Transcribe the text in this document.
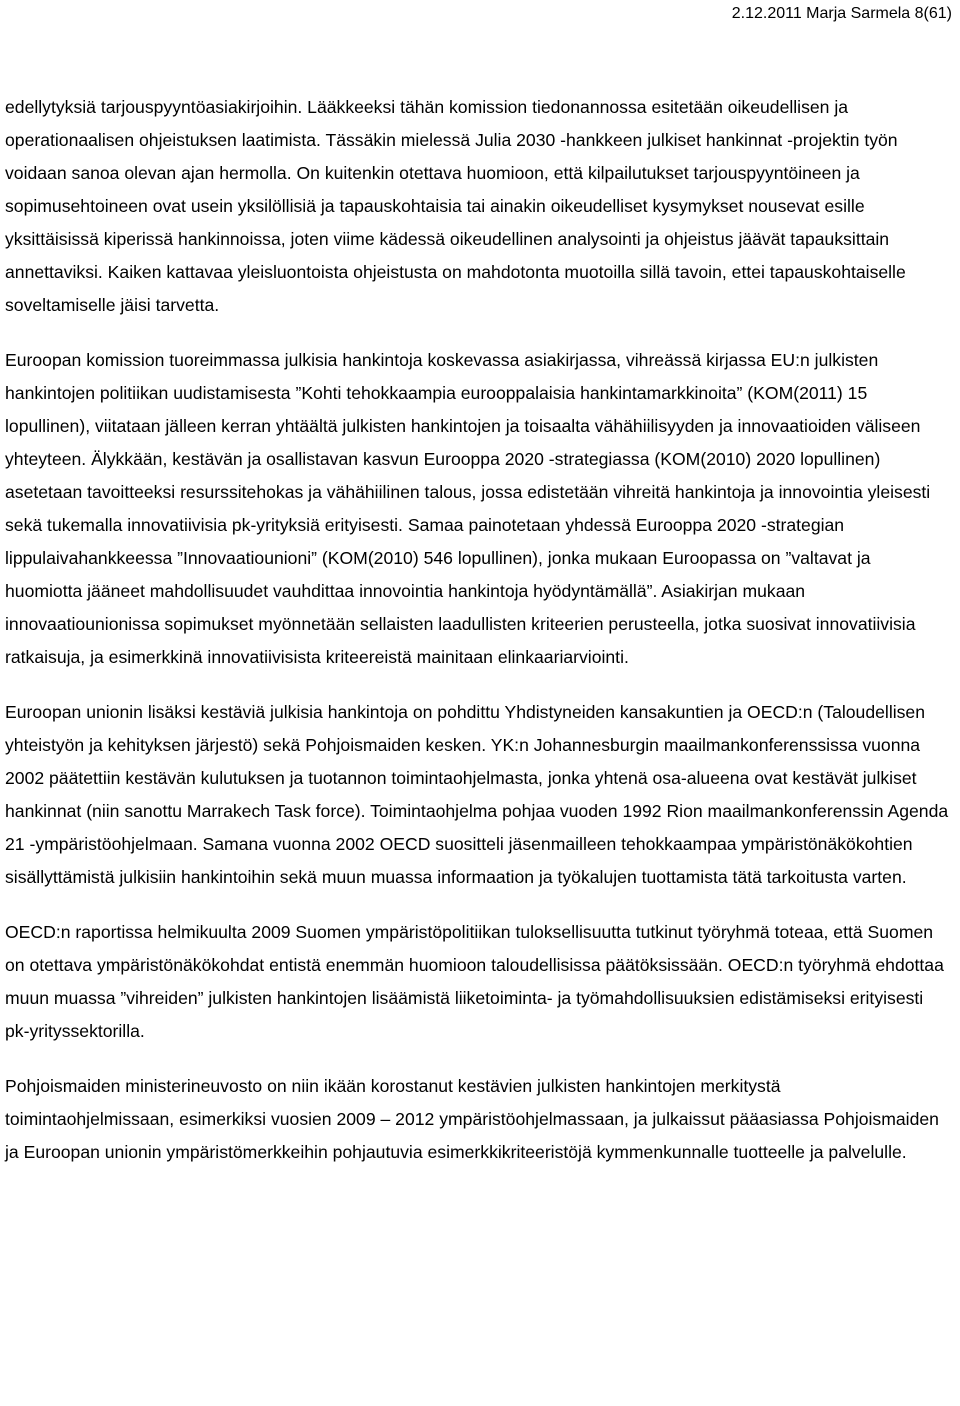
2.12.2011 Marja Sarmela 8(61)

edellytyksiä tarjouspyyntöasiakirjoihin. Lääkkeeksi tähän komission tiedonannossa esitetään oikeudellisen ja operationaalisen ohjeistuksen laatimista. Tässäkin mielessä Julia 2030 -hankkeen julkiset hankinnat -projektin työn voidaan sanoa olevan ajan hermolla. On kuitenkin otettava huomioon, että kilpailutukset tarjouspyyntöineen ja sopimusehtoineen ovat usein yksilöllisiä ja tapauskohtaisia tai ainakin oikeudelliset kysymykset nousevat esille yksittäisissä kiperissä hankinnoissa, joten viime kädessä oikeudellinen analysointi ja ohjeistus jäävät tapauksittain annettaviksi. Kaiken kattavaa yleisluontoista ohjeistusta on mahdotonta muotoilla sillä tavoin, ettei tapauskohtaiselle soveltamiselle jäisi tarvetta.

Euroopan komission tuoreimmassa julkisia hankintoja koskevassa asiakirjassa, vihreässä kirjassa EU:n julkisten hankintojen politiikan uudistamisesta ”Kohti tehokkaampia eurooppalaisia hankintamarkkinoita” (KOM(2011) 15 lopullinen), viitataan jälleen kerran yhtäältä julkisten hankintojen ja toisaalta vähähiilisyyden ja innovaatioiden väliseen yhteyteen. Älykkään, kestävän ja osallistavan kasvun Eurooppa 2020 -strategiassa (KOM(2010) 2020 lopullinen) asetetaan tavoitteeksi resurssitehokas ja vähähiilinen talous, jossa edistetään vihreitä hankintoja ja innovointia yleisesti sekä tukemalla innovatiivisia pk-yrityksiä erityisesti. Samaa painotetaan yhdessä Eurooppa 2020 -strategian lippulaivahankkeessa ”Innovaatiounioni” (KOM(2010) 546 lopullinen), jonka mukaan Euroopassa on ”valtavat ja huomiotta jääneet mahdollisuudet vauhdittaa innovointia hankintoja hyödyntämällä”. Asiakirjan mukaan innovaatiounionissa sopimukset myönnetään sellaisten laadullisten kriteerien perusteella, jotka suosivat innovatiivisia ratkaisuja, ja esimerkkinä innovatiivisista kriteereistä mainitaan elinkaariarviointi.

Euroopan unionin lisäksi kestäviä julkisia hankintoja on pohdittu Yhdistyneiden kansakuntien ja OECD:n (Taloudellisen yhteistyön ja kehityksen järjestö) sekä Pohjoismaiden kesken. YK:n Johannesburgin maailmankonferenssissa vuonna 2002 päätettiin kestävän kulutuksen ja tuotannon toimintaohjelmasta, jonka yhtenä osa-alueena ovat kestävät julkiset hankinnat (niin sanottu Marrakech Task force). Toimintaohjelma pohjaa vuoden 1992 Rion maailmankonferenssin Agenda 21 -ympäristöohjelmaan. Samana vuonna 2002 OECD suositteli jäsenmailleen tehokkaampaa ympäristönäkökohtien sisällyttämistä julkisiin hankintoihin sekä muun muassa informaation ja työkalujen tuottamista tätä tarkoitusta varten.

OECD:n raportissa helmikuulta 2009 Suomen ympäristöpolitiikan tuloksellisuutta tutkinut työryhmä toteaa, että Suomen on otettava ympäristönäkökohdat entistä enemmän huomioon taloudellisissa päätöksissään. OECD:n työryhmä ehdottaa muun muassa ”vihreiden” julkisten hankintojen lisäämistä liiketoiminta- ja työmahdollisuuksien edistämiseksi erityisesti pk-yrityssektorilla.

Pohjoismaiden ministerineuvosto on niin ikään korostanut kestävien julkisten hankintojen merkitystä toimintaohjelmissaan, esimerkiksi vuosien 2009 – 2012 ympäristöohjelmassaan, ja julkaissut pääasiassa Pohjoismaiden ja Euroopan unionin ympäristömerkkeihin pohjautuvia esimerkkikriteeristöjä kymmenkunnalle tuotteelle ja palvelulle.
